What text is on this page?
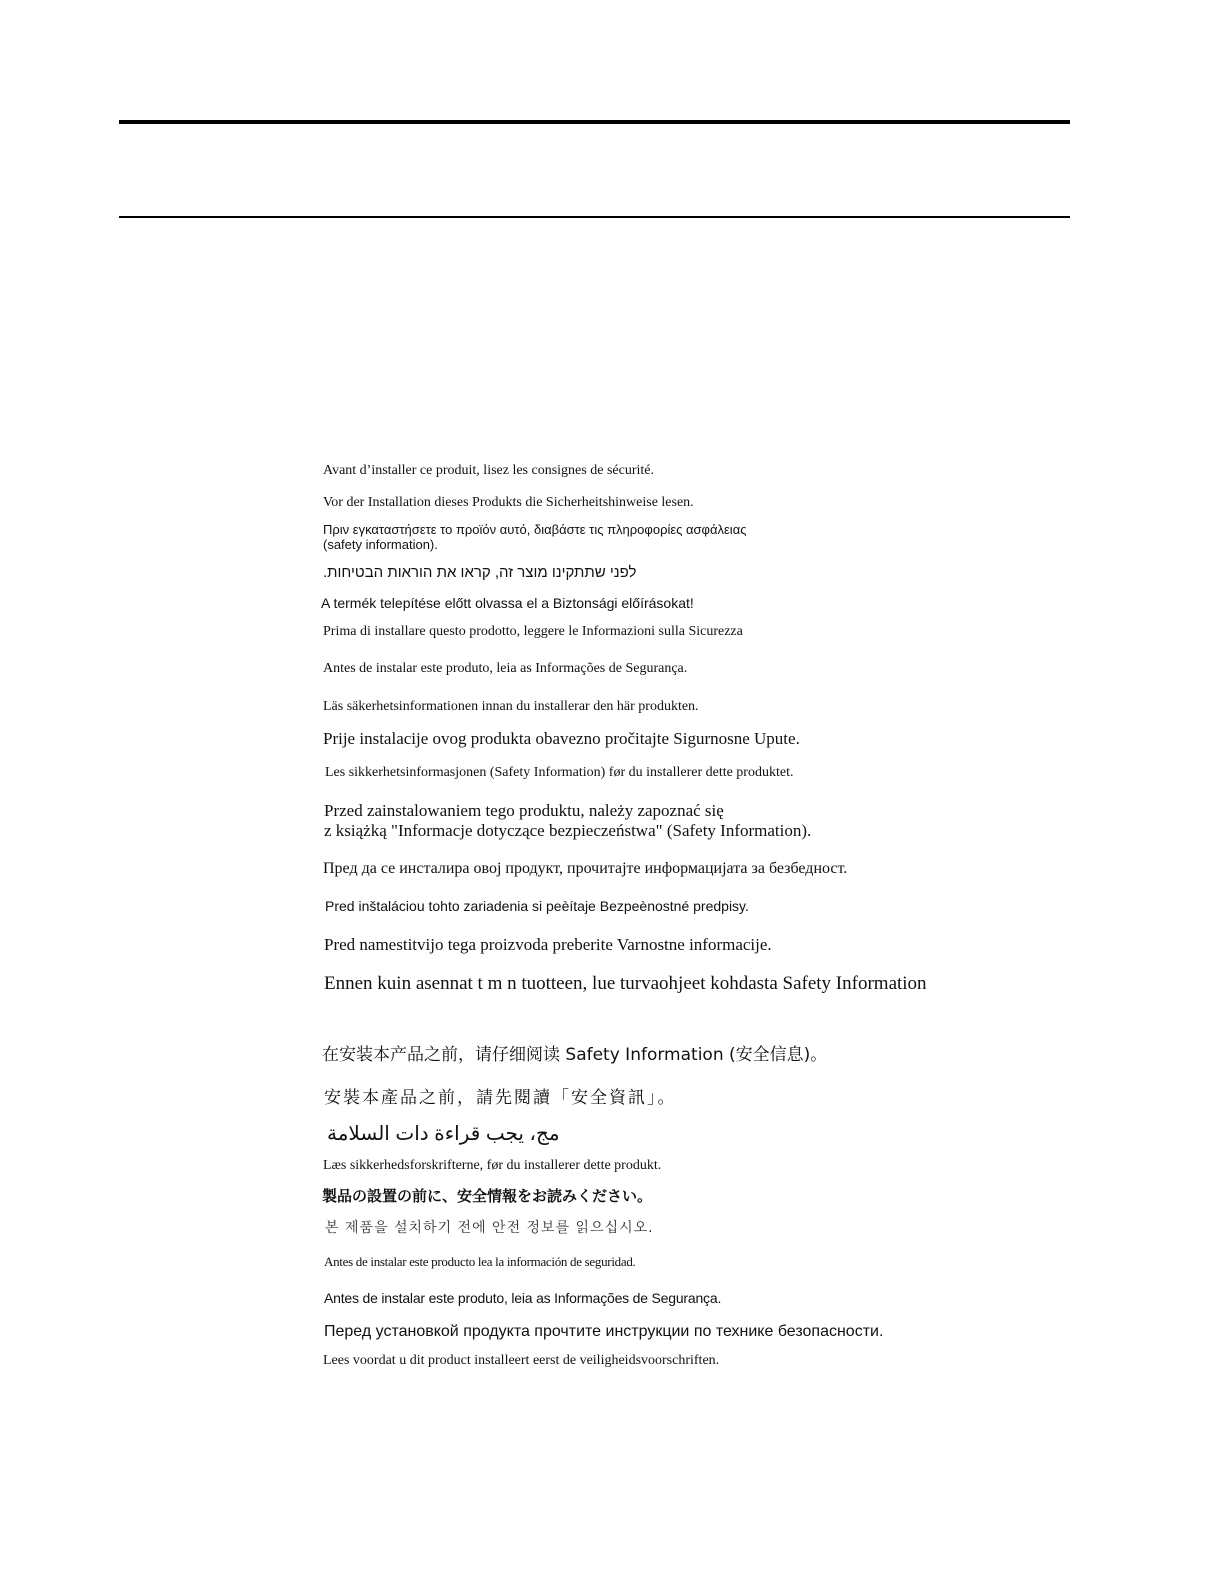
Avant d’installer ce produit, lisez les consignes de sécurité.
Vor der Installation dieses Produkts die Sicherheitshinweise lesen.
Πριν εγκαταστήσετε το προϊόν αυτό, διαβάστε τις πληροφορίες ασφάλειας
(safety information).
לפני שתתקינו מוצר זה, קראו את הוראות הבטיחות.
A termék telepítése előtt olvassa el a Biztonsági előírásokat!
Prima di installare questo prodotto, leggere le Informazioni sulla Sicurezza
Antes de instalar este produto, leia as Informações de Segurança.
Läs säkerhetsinformationen innan du installerar den här produkten.
Prije instalacije ovog produkta obavezno pročitajte Sigurnosne Upute.
Les sikkerhetsinformasjonen (Safety Information) før du installerer dette produktet.
Przed zainstalowaniem tego produktu, należy zapoznać się
z książką "Informacje dotyczące bezpieczeństwa" (Safety Information).
Пред да се инсталира овој продукт, прочитајте информацијата за безбедност.
Pred inštaláciou tohto zariadenia si peèítaje Bezpeènostné predpisy.
Pred namestitvijo tega proizvoda preberite Varnostne informacije.
Ennen kuin asennat t m n tuotteen, lue turvaohjeet kohdasta Safety Information
在安装本产品之前，请仔细阅读 Safety Information (安全信息)。
安裝本產品之前，請先閱讀「安全資訊」。
مج، يجب قراءة دات السلامة
Læs sikkerhedsforskrifterne, før du installerer dette produkt.
製品の設置の前に、安全情報をお読みください。
본 제품을 설치하기 전에 안전 정보를 읽으십시오.
Antes de instalar este producto lea la información de seguridad.
Antes de instalar este produto, leia as Informações de Segurança.
Перед установкой продукта прочтите инструкции по технике безопасности.
Lees voordat u dit product installeert eerst de veiligheidsvoorschriften.
